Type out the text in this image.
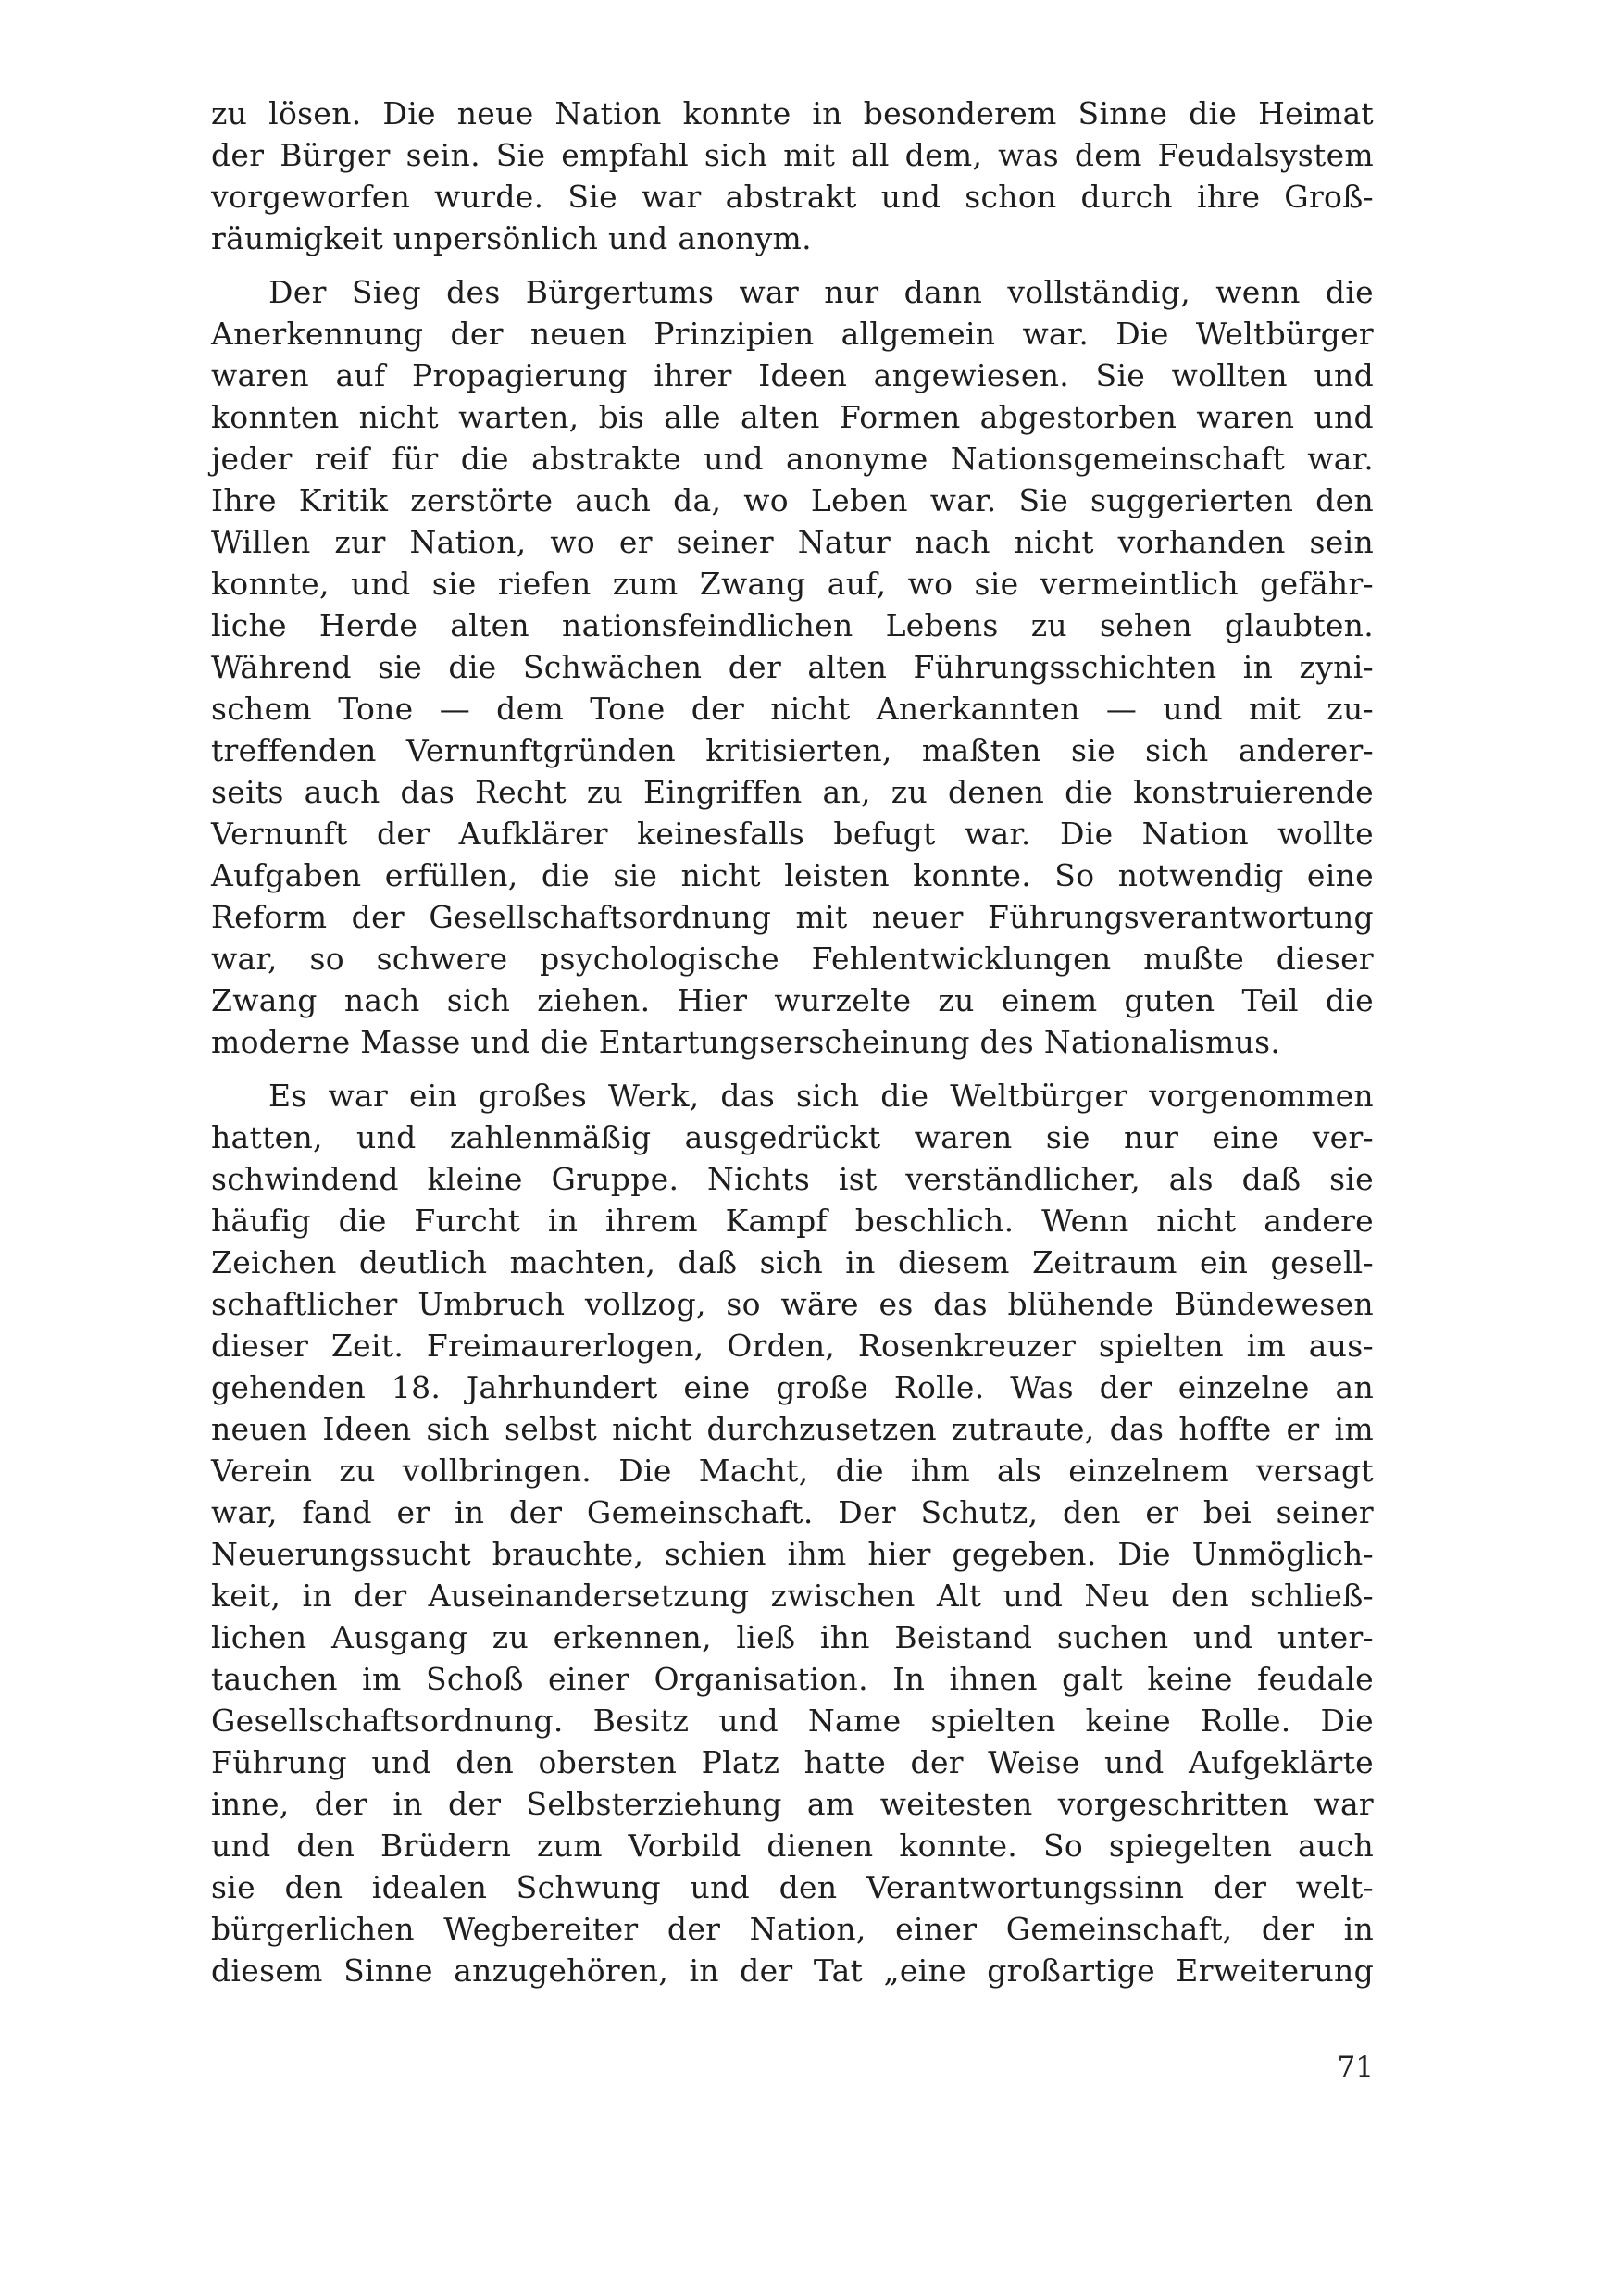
zu lösen. Die neue Nation konnte in besonderem Sinne die Heimat
der Bürger sein. Sie empfahl sich mit all dem, was dem Feudalsystem
vorgeworfen wurde. Sie war abstrakt und schon durch ihre Groß-
räumigkeit unpersönlich und anonym.
Der Sieg des Bürgertums war nur dann vollständig, wenn die
Anerkennung der neuen Prinzipien allgemein war. Die Weltbürger
waren auf Propagierung ihrer Ideen angewiesen. Sie wollten und
konnten nicht warten, bis alle alten Formen abgestorben waren und
jeder reif für die abstrakte und anonyme Nationsgemeinschaft war.
Ihre Kritik zerstörte auch da, wo Leben war. Sie suggerierten den
Willen zur Nation, wo er seiner Natur nach nicht vorhanden sein
konnte, und sie riefen zum Zwang auf, wo sie vermeintlich gefähr-
liche Herde alten nationsfeindlichen Lebens zu sehen glaubten.
Während sie die Schwächen der alten Führungsschichten in zyni-
schem Tone — dem Tone der nicht Anerkannten — und mit zu-
treffenden Vernunftgründen kritisierten, maßten sie sich anderer-
seits auch das Recht zu Eingriffen an, zu denen die konstruierende
Vernunft der Aufklärer keinesfalls befugt war. Die Nation wollte
Aufgaben erfüllen, die sie nicht leisten konnte. So notwendig eine
Reform der Gesellschaftsordnung mit neuer Führungsverantwortung
war, so schwere psychologische Fehlentwicklungen mußte dieser
Zwang nach sich ziehen. Hier wurzelte zu einem guten Teil die
moderne Masse und die Entartungserscheinung des Nationalismus.
Es war ein großes Werk, das sich die Weltbürger vorgenommen
hatten, und zahlenmäßig ausgedrückt waren sie nur eine ver-
schwindend kleine Gruppe. Nichts ist verständlicher, als daß sie
häufig die Furcht in ihrem Kampf beschlich. Wenn nicht andere
Zeichen deutlich machten, daß sich in diesem Zeitraum ein gesell-
schaftlicher Umbruch vollzog, so wäre es das blühende Bündewesen
dieser Zeit. Freimaurerlogen, Orden, Rosenkreuzer spielten im aus-
gehenden 18. Jahrhundert eine große Rolle. Was der einzelne an
neuen Ideen sich selbst nicht durchzusetzen zutraute, das hoffte er im
Verein zu vollbringen. Die Macht, die ihm als einzelnem versagt
war, fand er in der Gemeinschaft. Der Schutz, den er bei seiner
Neuerungssucht brauchte, schien ihm hier gegeben. Die Unmöglich-
keit, in der Auseinandersetzung zwischen Alt und Neu den schließ-
lichen Ausgang zu erkennen, ließ ihn Beistand suchen und unter-
tauchen im Schoß einer Organisation. In ihnen galt keine feudale
Gesellschaftsordnung. Besitz und Name spielten keine Rolle. Die
Führung und den obersten Platz hatte der Weise und Aufgeklärte
inne, der in der Selbsterziehung am weitesten vorgeschritten war
und den Brüdern zum Vorbild dienen konnte. So spiegelten auch
sie den idealen Schwung und den Verantwortungssinn der welt-
bürgerlichen Wegbereiter der Nation, einer Gemeinschaft, der in
diesem Sinne anzugehören, in der Tat „eine großartige Erweiterung
71
